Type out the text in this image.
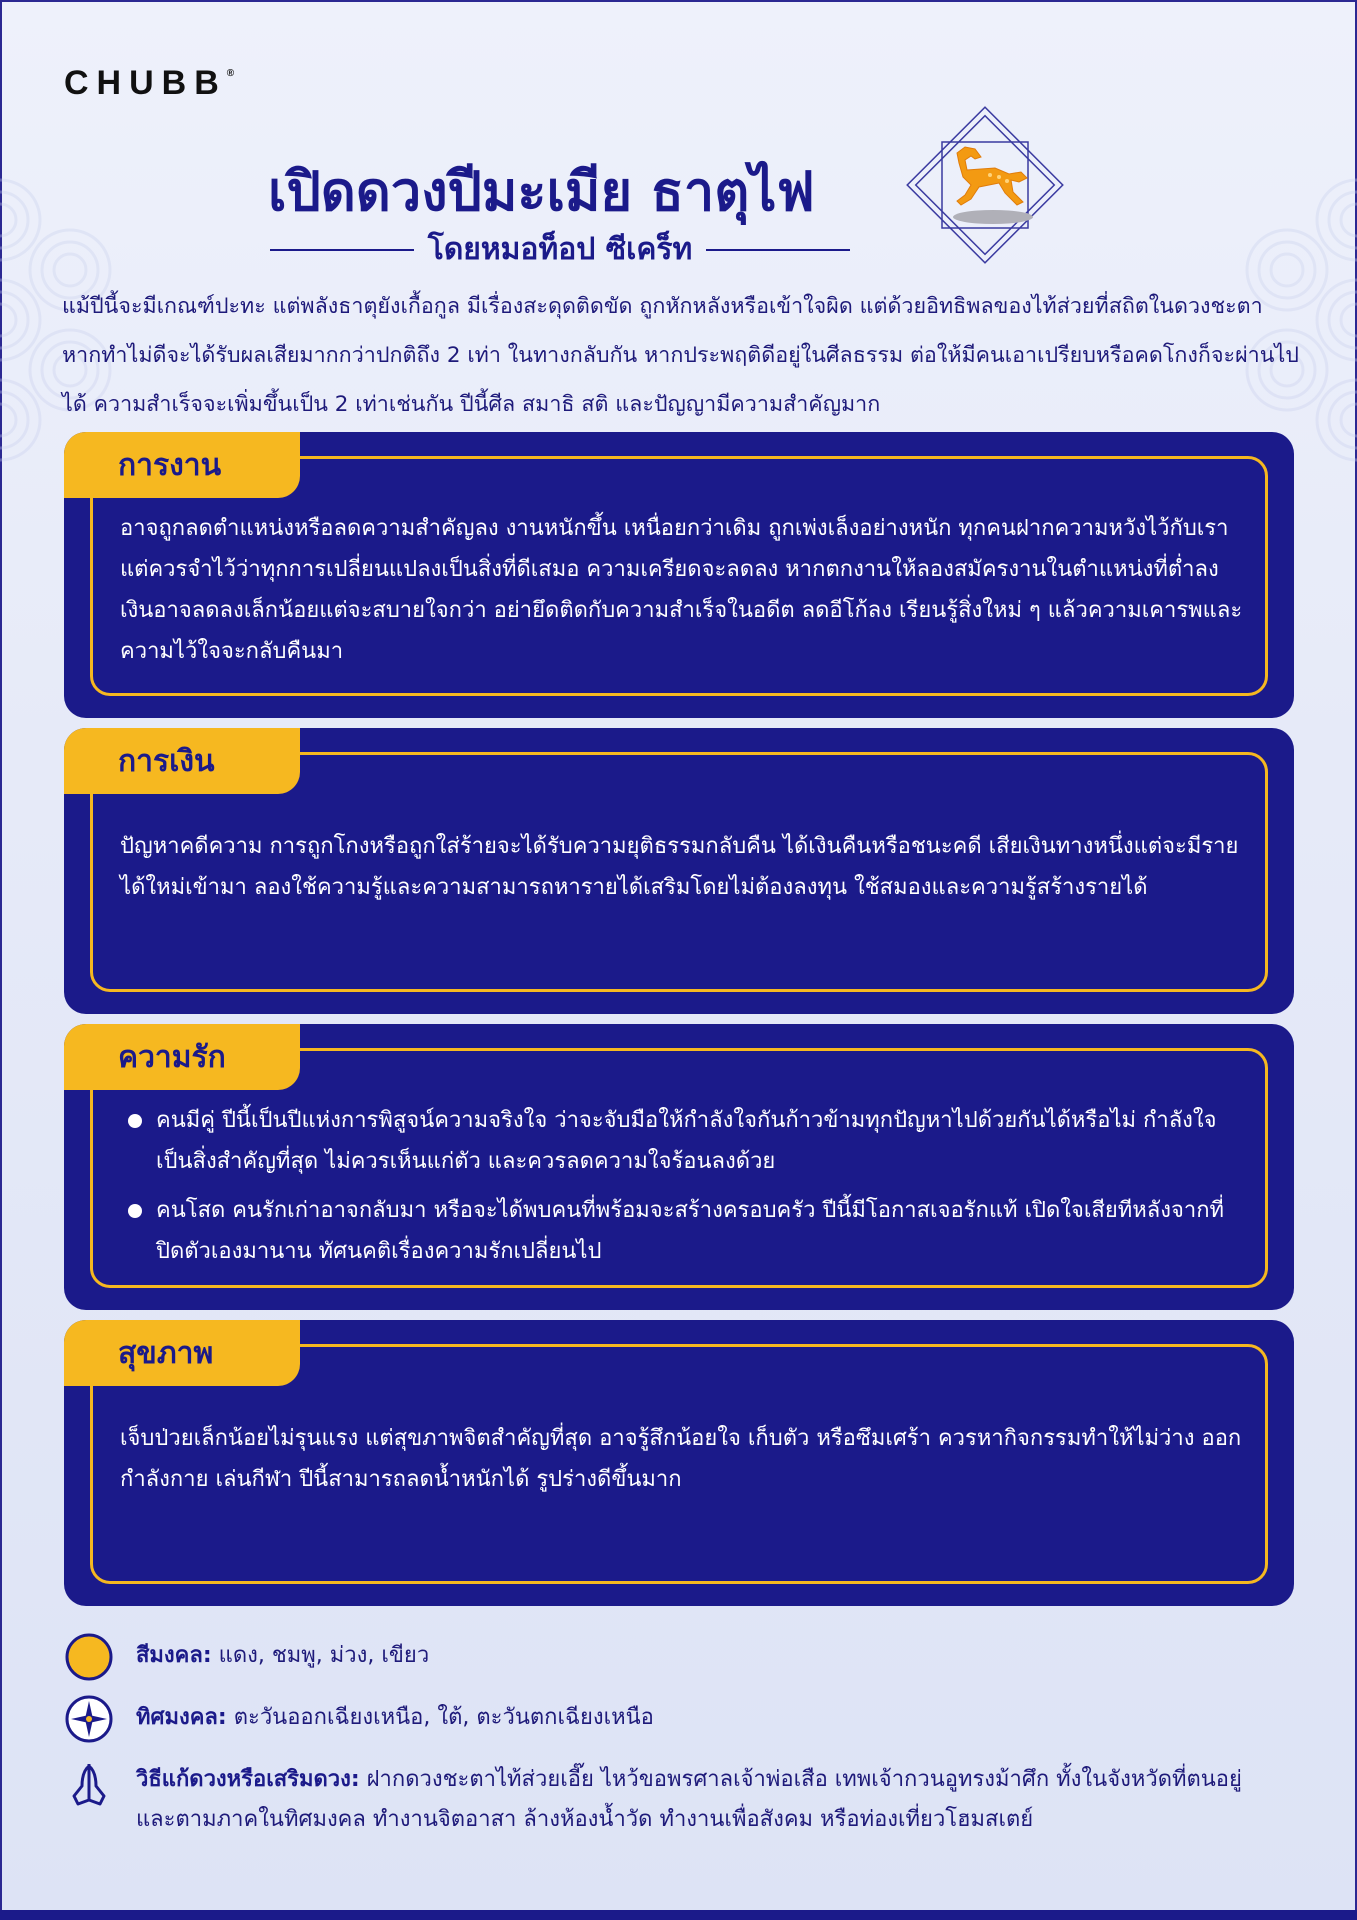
CHUBB®
เปิดดวงปีมะเมีย ธาตุไฟ
โดยหมอท็อป ซีเคร็ท
แม้ปีนี้จะมีเกณฑ์ปะทะ แต่พลังธาตุยังเกื้อกูล มีเรื่องสะดุดติดขัด ถูกหักหลังหรือเข้าใจผิด แต่ด้วยอิทธิพลของไท้ส่วยที่สถิตในดวงชะตา หากทำไม่ดีจะได้รับผลเสียมากกว่าปกติถึง 2 เท่า ในทางกลับกัน หากประพฤติดีอยู่ในศีลธรรม ต่อให้มีคนเอาเปรียบหรือคดโกงก็จะผ่านไปได้ ความสำเร็จจะเพิ่มขึ้นเป็น 2 เท่าเช่นกัน ปีนี้ศีล สมาธิ สติ และปัญญามีความสำคัญมาก
การงาน
อาจถูกลดตำแหน่งหรือลดความสำคัญลง งานหนักขึ้น เหนื่อยกว่าเดิม ถูกเพ่งเล็งอย่างหนัก ทุกคนฝากความหวังไว้กับเรา แต่ควรจำไว้ว่าทุกการเปลี่ยนแปลงเป็นสิ่งที่ดีเสมอ ความเครียดจะลดลง หากตกงานให้ลองสมัครงานในตำแหน่งที่ต่ำลง เงินอาจลดลงเล็กน้อยแต่จะสบายใจกว่า อย่ายึดติดกับความสำเร็จในอดีต ลดอีโก้ลง เรียนรู้สิ่งใหม่ ๆ แล้วความเคารพและความไว้ใจจะกลับคืนมา
การเงิน
ปัญหาคดีความ การถูกโกงหรือถูกใส่ร้ายจะได้รับความยุติธรรมกลับคืน ได้เงินคืนหรือชนะคดี เสียเงินทางหนึ่งแต่จะมีรายได้ใหม่เข้ามา ลองใช้ความรู้และความสามารถหารายได้เสริมโดยไม่ต้องลงทุน ใช้สมองและความรู้สร้างรายได้
ความรัก
คนมีคู่ ปีนี้เป็นปีแห่งการพิสูจน์ความจริงใจ ว่าจะจับมือให้กำลังใจกันก้าวข้ามทุกปัญหาไปด้วยกันได้หรือไม่ กำลังใจเป็นสิ่งสำคัญที่สุด ไม่ควรเห็นแก่ตัว และควรลดความใจร้อนลงด้วย
คนโสด คนรักเก่าอาจกลับมา หรือจะได้พบคนที่พร้อมจะสร้างครอบครัว ปีนี้มีโอกาสเจอรักแท้ เปิดใจเสียทีหลังจากที่ปิดตัวเองมานาน ทัศนคติเรื่องความรักเปลี่ยนไป
สุขภาพ
เจ็บป่วยเล็กน้อยไม่รุนแรง แต่สุขภาพจิตสำคัญที่สุด อาจรู้สึกน้อยใจ เก็บตัว หรือซึมเศร้า ควรหากิจกรรมทำให้ไม่ว่าง ออกกำลังกาย เล่นกีฬา ปีนี้สามารถลดน้ำหนักได้ รูปร่างดีขึ้นมาก
สีมงคล: แดง, ชมพู, ม่วง, เขียว
ทิศมงคล: ตะวันออกเฉียงเหนือ, ใต้, ตะวันตกเฉียงเหนือ
วิธีแก้ดวงหรือเสริมดวง: ฝากดวงชะตาไท้ส่วยเอี๊ย ไหว้ขอพรศาลเจ้าพ่อเสือ เทพเจ้ากวนอูทรงม้าศึก ทั้งในจังหวัดที่ตนอยู่และตามภาคในทิศมงคล ทำงานจิตอาสา ล้างห้องน้ำวัด ทำงานเพื่อสังคม หรือท่องเที่ยวโฮมสเตย์
